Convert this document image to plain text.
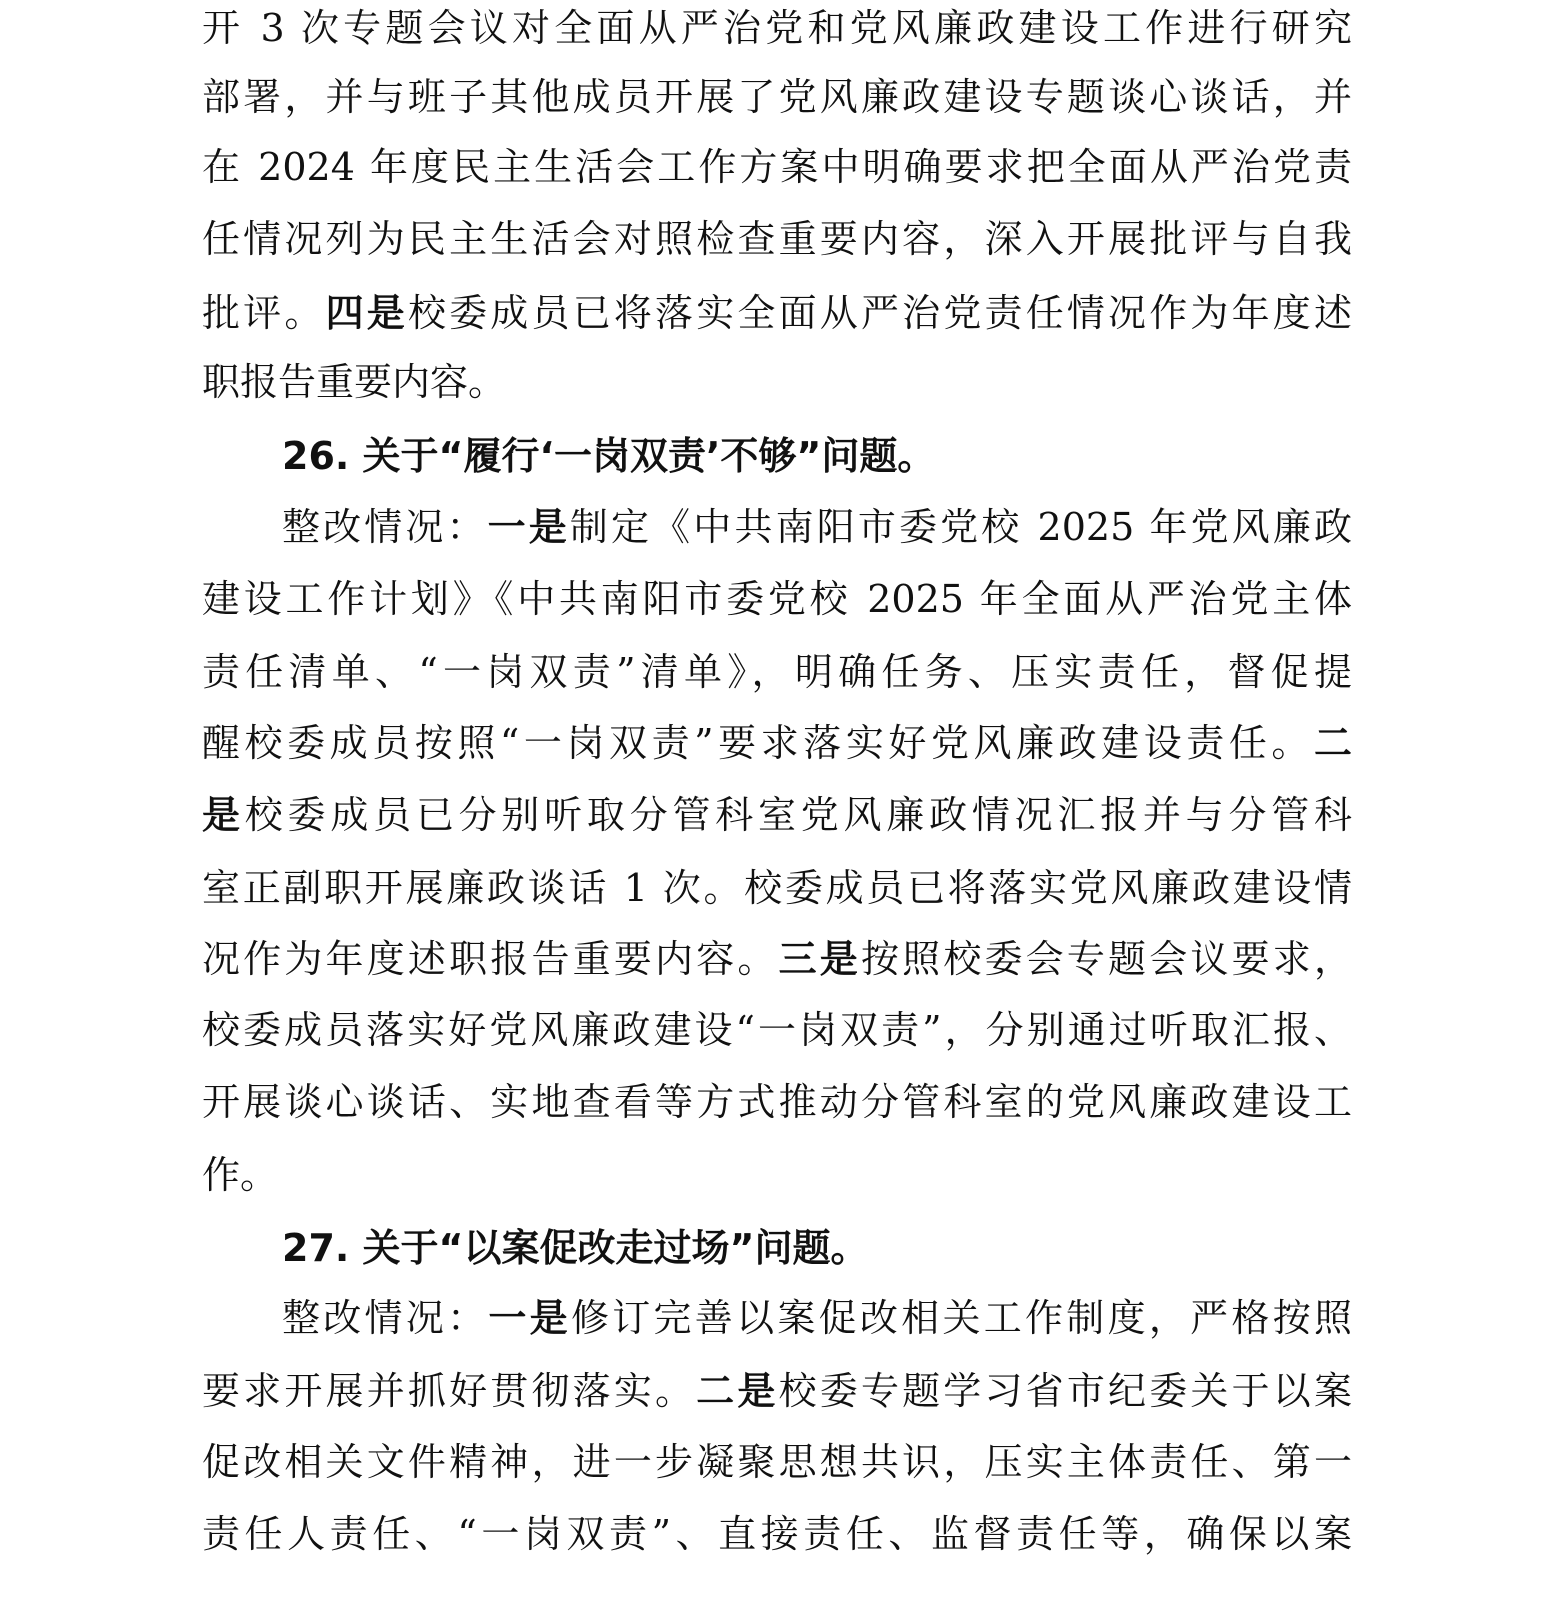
开 3 次专题会议对全面从严治党和党风廉政建设工作进行研究
部署，并与班子其他成员开展了党风廉政建设专题谈心谈话，并
在 2024 年度民主生活会工作方案中明确要求把全面从严治党责
任情况列为民主生活会对照检查重要内容，深入开展批评与自我
批评。四是校委成员已将落实全面从严治党责任情况作为年度述
职报告重要内容。
26. 关于“履行‘一岗双责’不够”问题。
整改情况：一是制定《中共南阳市委党校 2025 年党风廉政
建设工作计划》《中共南阳市委党校 2025 年全面从严治党主体
责任清单、“一岗双责”清单》，明确任务、压实责任，督促提
醒校委成员按照“一岗双责”要求落实好党风廉政建设责任。二
是校委成员已分别听取分管科室党风廉政情况汇报并与分管科
室正副职开展廉政谈话 1 次。校委成员已将落实党风廉政建设情
况作为年度述职报告重要内容。三是按照校委会专题会议要求，
校委成员落实好党风廉政建设“一岗双责”，分别通过听取汇报、
开展谈心谈话、实地查看等方式推动分管科室的党风廉政建设工
作。
27. 关于“以案促改走过场”问题。
整改情况：一是修订完善以案促改相关工作制度，严格按照
要求开展并抓好贯彻落实。二是校委专题学习省市纪委关于以案
促改相关文件精神，进一步凝聚思想共识，压实主体责任、第一
责任人责任、“一岗双责”、直接责任、监督责任等，确保以案
